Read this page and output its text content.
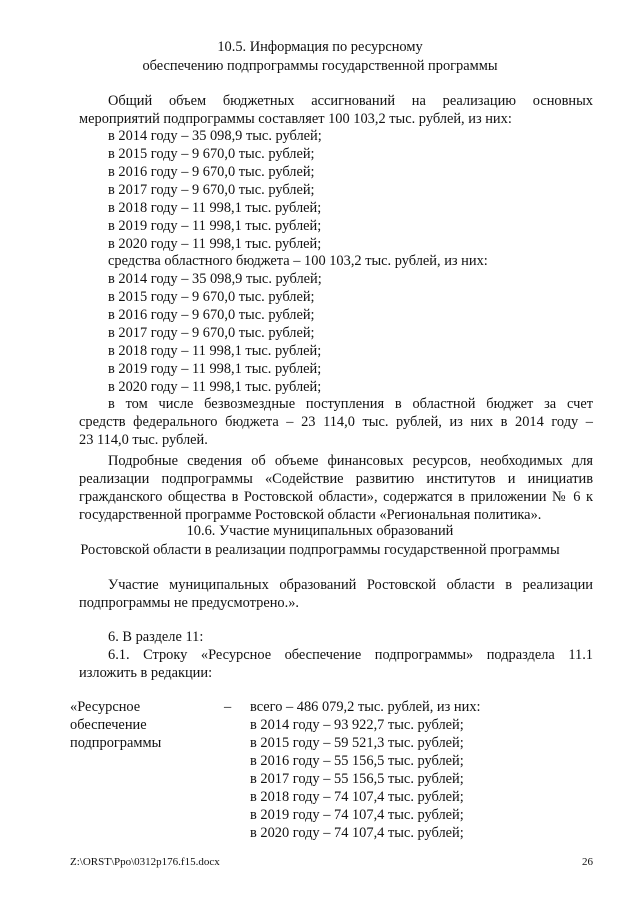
10.5. Информация по ресурсному
обеспечению подпрограммы государственной программы
Общий объем бюджетных ассигнований на реализацию основных
мероприятий подпрограммы составляет 100 103,2 тыс. рублей, из них:
в 2014 году – 35 098,9 тыс. рублей;
в 2015 году – 9 670,0 тыс. рублей;
в 2016 году – 9 670,0 тыс. рублей;
в 2017 году – 9 670,0 тыс. рублей;
в 2018 году – 11 998,1 тыс. рублей;
в 2019 году – 11 998,1 тыс. рублей;
в 2020 году – 11 998,1 тыс. рублей;
средства областного бюджета – 100 103,2 тыс. рублей, из них:
в 2014 году – 35 098,9 тыс. рублей;
в 2015 году – 9 670,0 тыс. рублей;
в 2016 году – 9 670,0 тыс. рублей;
в 2017 году – 9 670,0 тыс. рублей;
в 2018 году – 11 998,1 тыс. рублей;
в 2019 году – 11 998,1 тыс. рублей;
в 2020 году – 11 998,1 тыс. рублей;
в том числе безвозмездные поступления в областной бюджет за счет
средств федерального бюджета – 23 114,0 тыс. рублей, из них в 2014 году –
23 114,0 тыс. рублей.
Подробные сведения об объеме финансовых ресурсов, необходимых для
реализации подпрограммы «Содействие развитию институтов и инициатив
гражданского общества в Ростовской области», содержатся в приложении № 6 к
государственной программе Ростовской области «Региональная политика».
10.6. Участие муниципальных образований
Ростовской области в реализации подпрограммы государственной программы
Участие муниципальных образований Ростовской области в реализации
подпрограммы не предусмотрено.».
6. В разделе 11:
6.1. Строку «Ресурсное обеспечение подпрограммы» подраздела 11.1
изложить в редакции:
«Ресурсное
обеспечение
подпрограммы
– всего – 486 079,2 тыс. рублей, из них:
в 2014 году – 93 922,7 тыс. рублей;
в 2015 году – 59 521,3 тыс. рублей;
в 2016 году – 55 156,5 тыс. рублей;
в 2017 году – 55 156,5 тыс. рублей;
в 2018 году – 74 107,4 тыс. рублей;
в 2019 году – 74 107,4 тыс. рублей;
в 2020 году – 74 107,4 тыс. рублей;
Z:\ORST\Ppo\0312p176.f15.docx	26
